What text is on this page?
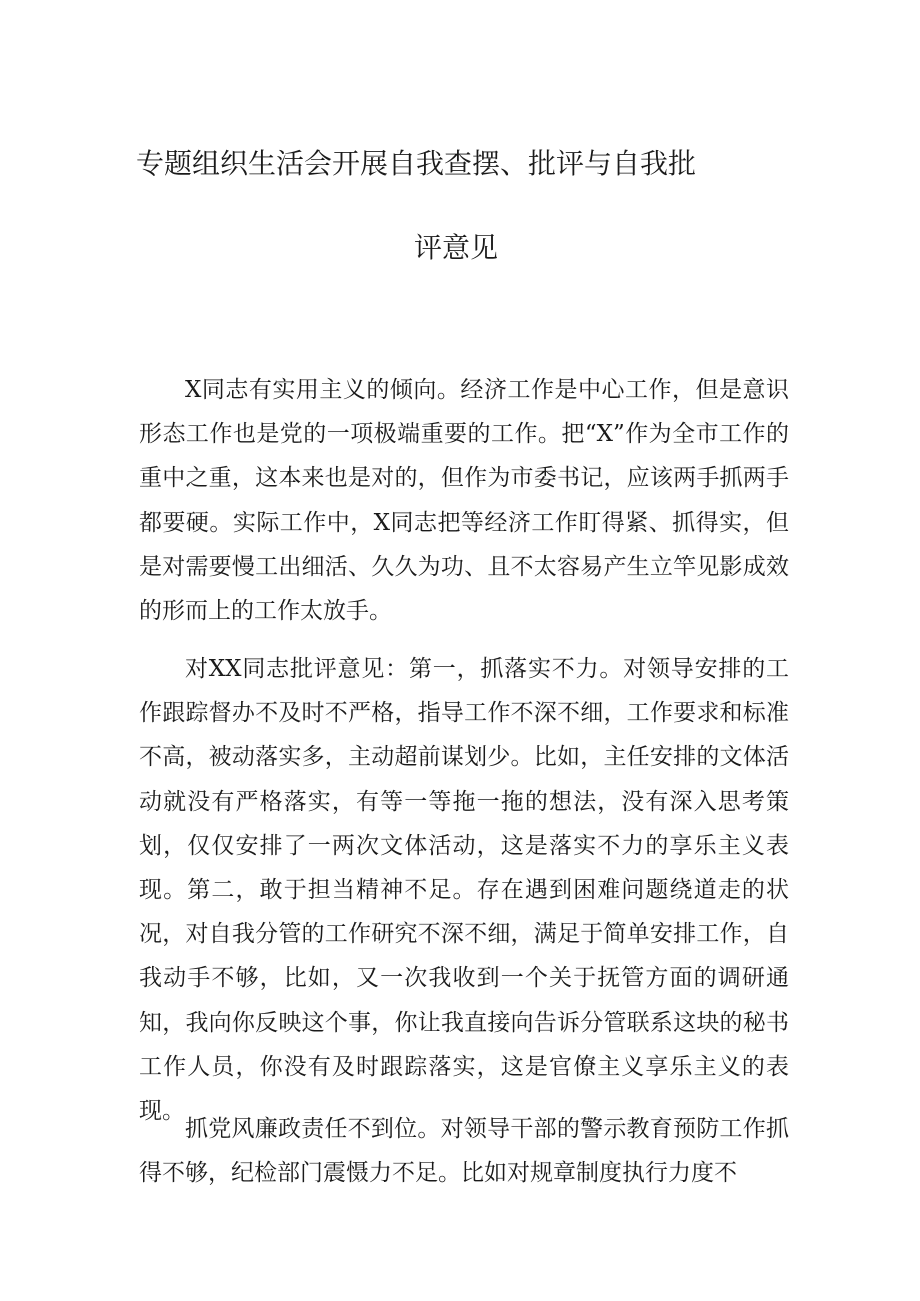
专题组织生活会开展自我查摆、批评与自我批
评意见

X同志有实用主义的倾向。经济工作是中心工作，但是意识形态工作也是党的一项极端重要的工作。把“X”作为全市工作的重中之重，这本来也是对的，但作为市委书记，应该两手抓两手都要硬。实际工作中，X同志把等经济工作盯得紧、抓得实，但是对需要慢工出细活、久久为功、且不太容易产生立竿见影成效的形而上的工作太放手。

对XX同志批评意见：第一，抓落实不力。对领导安排的工作跟踪督办不及时不严格，指导工作不深不细，工作要求和标准不高，被动落实多，主动超前谋划少。比如，主任安排的文体活动就没有严格落实，有等一等拖一拖的想法，没有深入思考策划，仅仅安排了一两次文体活动，这是落实不力的享乐主义表现。第二，敢于担当精神不足。存在遇到困难问题绕道走的状况，对自我分管的工作研究不深不细，满足于简单安排工作，自我动手不够，比如，又一次我收到一个关于抚管方面的调研通知，我向你反映这个事，你让我直接向告诉分管联系这块的秘书工作人员，你没有及时跟踪落实，这是官僚主义享乐主义的表现。

抓党风廉政责任不到位。对领导干部的警示教育预防工作抓得不够，纪检部门震慑力不足。比如对规章制度执行力度不
